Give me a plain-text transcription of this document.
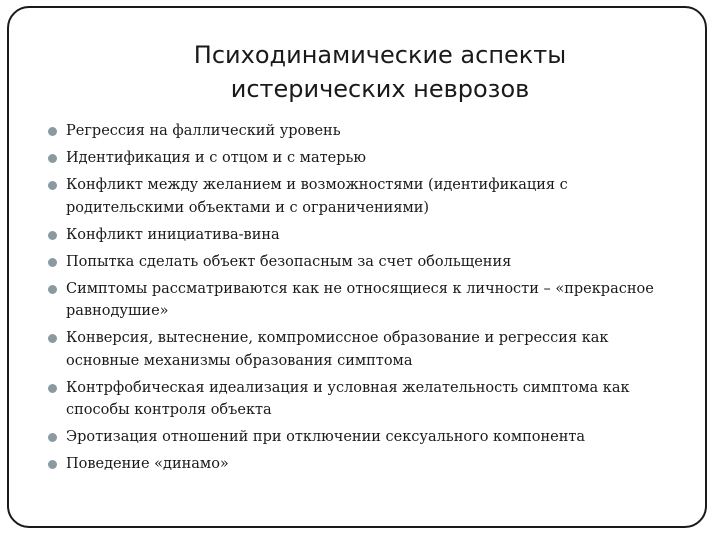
Психодинамические аспекты
истерических неврозов
Регрессия на фаллический уровень
Идентификация и с отцом и с матерью
Конфликт между желанием и возможностями (идентификация с родительскими объектами и с ограничениями)
Конфликт инициатива-вина
Попытка сделать объект безопасным за счет обольщения
Симптомы рассматриваются как не относящиеся к личности – «прекрасное равнодушие»
Конверсия, вытеснение, компромиссное образование и регрессия как основные механизмы образования симптома
Контрфобическая идеализация и условная желательность симптома как способы контроля объекта
Эротизация отношений при отключении сексуального компонента
Поведение «динамо»
